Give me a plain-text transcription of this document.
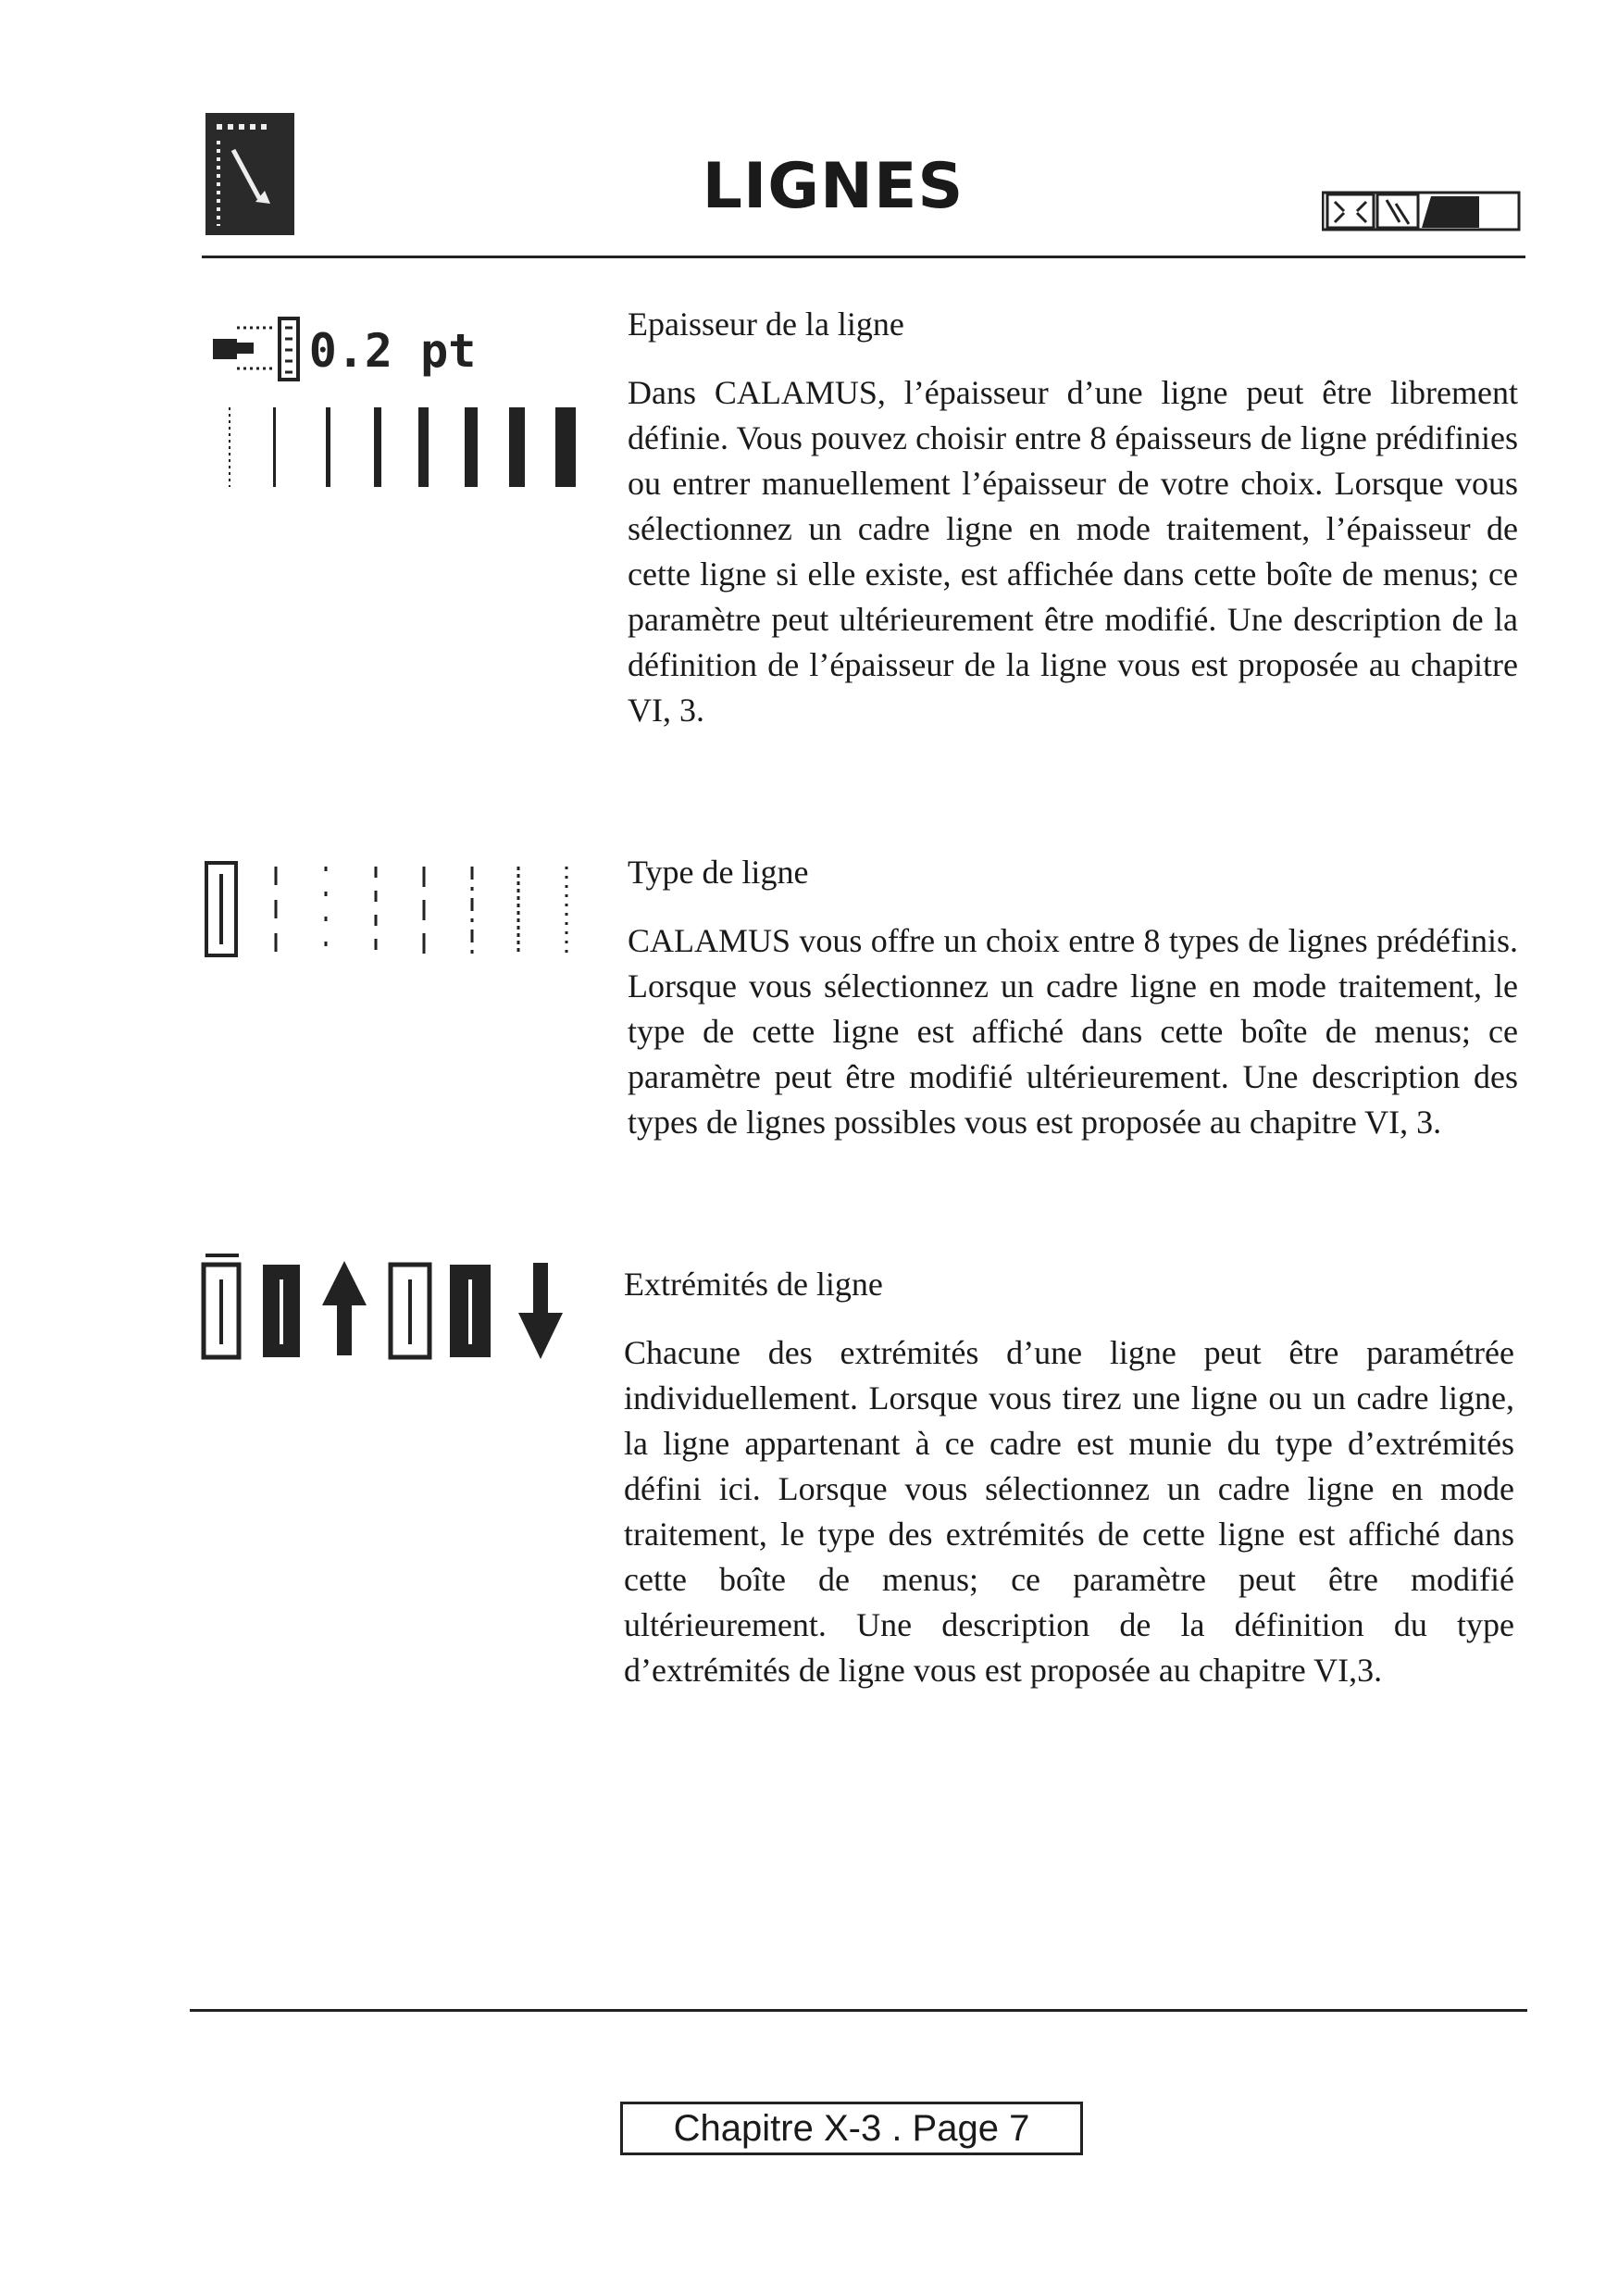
LIGNES
0.2 pt	Epaisseur de la ligne

Dans CALAMUS, l’épaisseur d’une ligne peut être librement définie. Vous pouvez choisir entre 8 épaisseurs de ligne prédifinies ou entrer manuellement l’épaisseur de votre choix. Lorsque vous sélectionnez un cadre ligne en mode traitement, l’épaisseur de cette ligne si elle existe, est affichée dans cette boîte de menus; ce paramètre peut ultérieurement être modifié. Une description de la définition de l’épaisseur de la ligne vous est proposée au chapitre VI, 3.

Type de ligne

CALAMUS vous offre un choix entre 8 types de lignes prédéfinis. Lorsque vous sélectionnez un cadre ligne en mode traitement, le type de cette ligne est affiché dans cette boîte de menus; ce paramètre peut être modifié ultérieurement. Une description des types de lignes possibles vous est proposée au chapitre VI, 3.

Extrémités de ligne

Chacune des extrémités d’une ligne peut être paramétrée individuellement. Lorsque vous tirez une ligne ou un cadre ligne, la ligne appartenant à ce cadre est munie du type d’extrémités défini ici. Lorsque vous sélectionnez un cadre ligne en mode traitement, le type des extrémités de cette ligne est affiché dans cette boîte de menus; ce paramètre peut être modifié ultérieurement. Une description de la définition du type d’extrémités de ligne vous est proposée au chapitre VI,3.

Chapitre X-3 . Page 7
